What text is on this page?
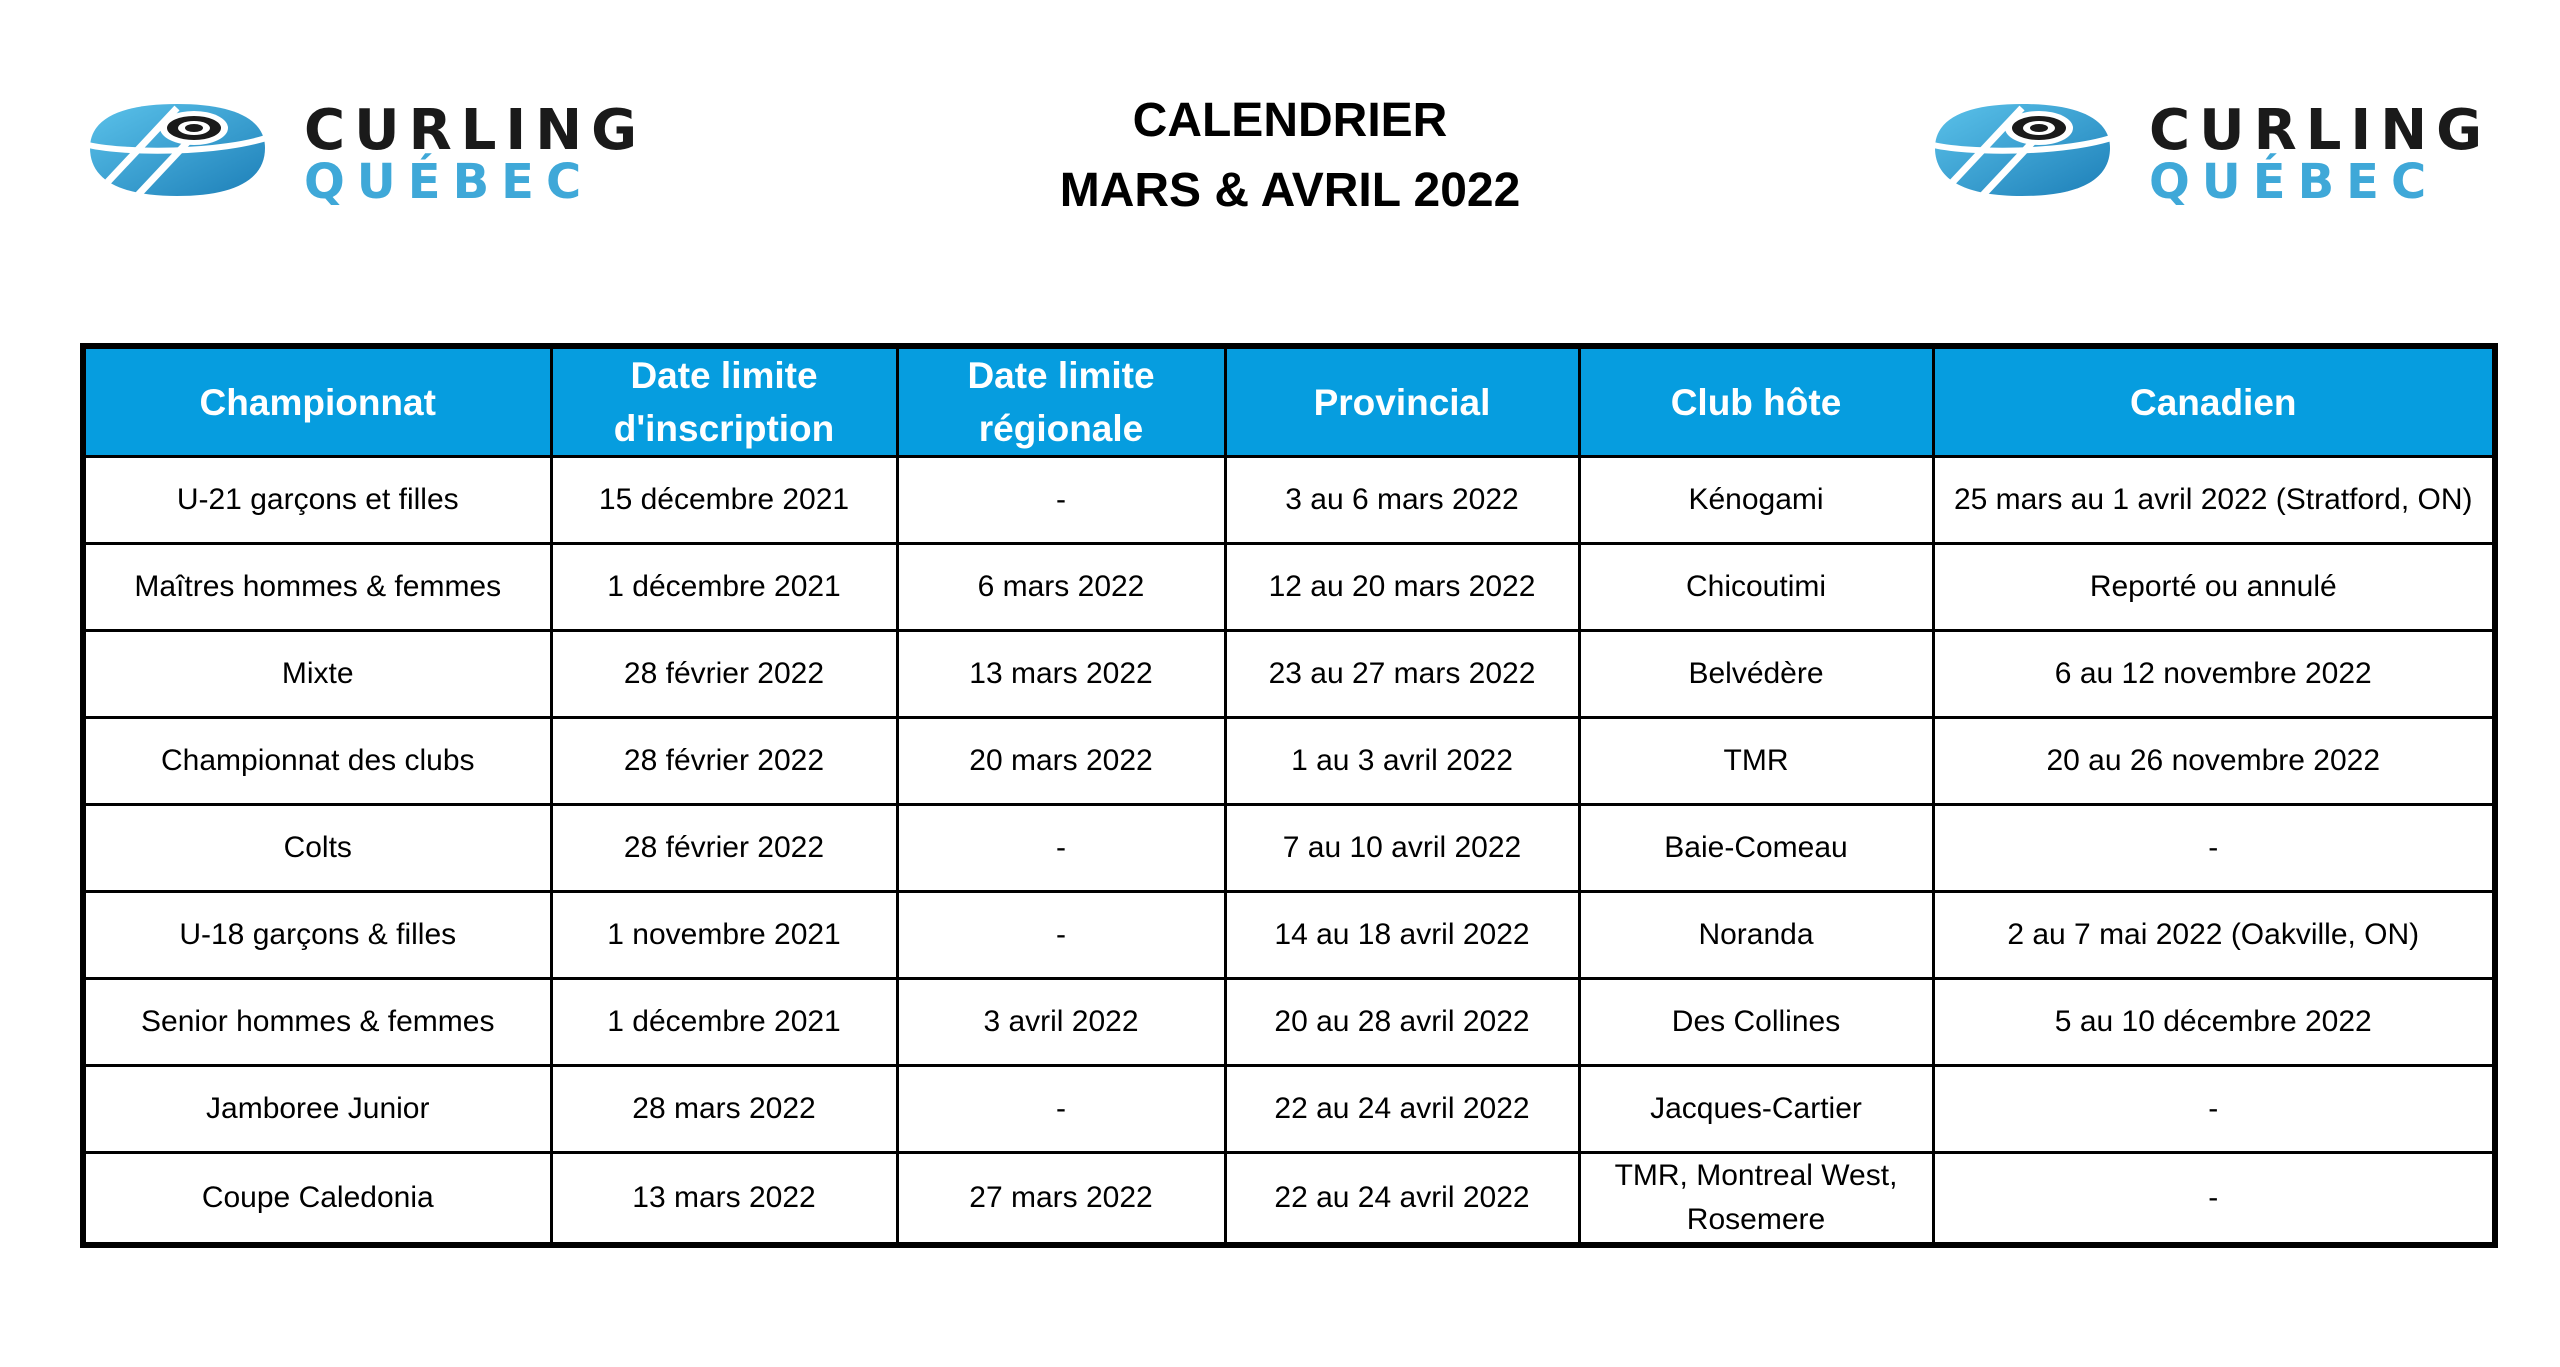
CURLING
QUÉBEC
CURLING
QUÉBEC
CALENDRIER
MARS & AVRIL 2022
Championnat	Date limite d'inscription	Date limite régionale	Provincial	Club hôte	Canadien
U-21 garçons et filles	15 décembre 2021	-	3 au 6 mars 2022	Kénogami	25 mars au 1 avril 2022 (Stratford, ON)
Maîtres hommes & femmes	1 décembre 2021	6 mars 2022	12 au 20 mars 2022	Chicoutimi	Reporté ou annulé
Mixte	28 février 2022	13 mars 2022	23 au 27 mars 2022	Belvédère	6 au 12 novembre 2022
Championnat des clubs	28 février 2022	20 mars 2022	1 au 3 avril 2022	TMR	20 au 26 novembre 2022
Colts	28 février 2022	-	7 au 10 avril 2022	Baie-Comeau	-
U-18 garçons & filles	1 novembre 2021	-	14 au 18 avril 2022	Noranda	2 au 7 mai 2022 (Oakville, ON)
Senior hommes & femmes	1 décembre 2021	3 avril 2022	20 au 28 avril 2022	Des Collines	5 au 10 décembre 2022
Jamboree Junior	28 mars 2022	-	22 au 24 avril 2022	Jacques-Cartier	-
Coupe Caledonia	13 mars 2022	27 mars 2022	22 au 24 avril 2022	TMR, Montreal West, Rosemere	-
